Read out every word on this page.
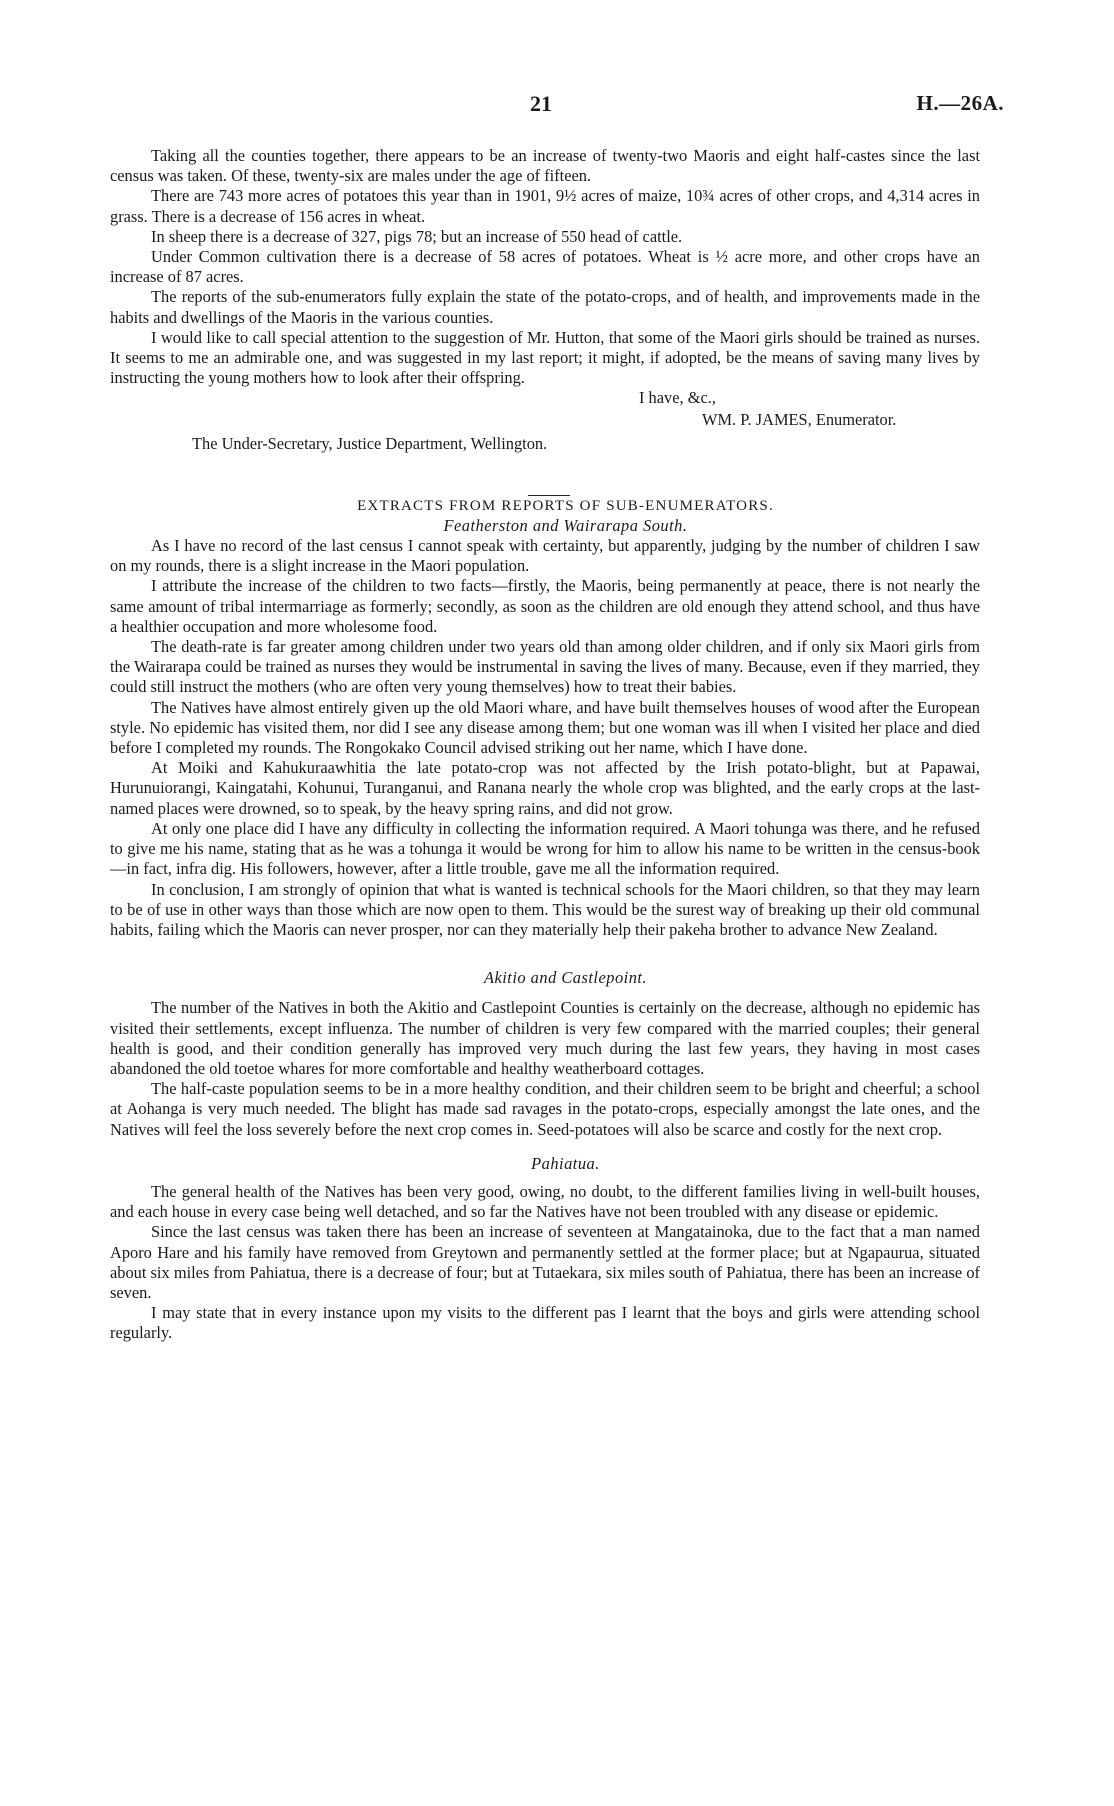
21	H.—26A.

Taking all the counties together, there appears to be an increase of twenty-two Maoris and eight half-castes since the last census was taken. Of these, twenty-six are males under the age of fifteen.

There are 743 more acres of potatoes this year than in 1901, 9½ acres of maize, 10¾ acres of other crops, and 4,314 acres in grass. There is a decrease of 156 acres in wheat.

In sheep there is a decrease of 327, pigs 78; but an increase of 550 head of cattle.

Under Common cultivation there is a decrease of 58 acres of potatoes. Wheat is ½ acre more, and other crops have an increase of 87 acres.

The reports of the sub-enumerators fully explain the state of the potato-crops, and of health, and improvements made in the habits and dwellings of the Maoris in the various counties.

I would like to call special attention to the suggestion of Mr. Hutton, that some of the Maori girls should be trained as nurses. It seems to me an admirable one, and was suggested in my last report; it might, if adopted, be the means of saving many lives by instructing the young mothers how to look after their offspring.

I have, &c.,
WM. P. JAMES, Enumerator.

The Under-Secretary, Justice Department, Wellington.

EXTRACTS FROM REPORTS OF SUB-ENUMERATORS.

Featherston and Wairarapa South.

As I have no record of the last census I cannot speak with certainty, but apparently, judging by the number of children I saw on my rounds, there is a slight increase in the Maori population.

I attribute the increase of the children to two facts—firstly, the Maoris, being permanently at peace, there is not nearly the same amount of tribal intermarriage as formerly; secondly, as soon as the children are old enough they attend school, and thus have a healthier occupation and more wholesome food.

The death-rate is far greater among children under two years old than among older children, and if only six Maori girls from the Wairarapa could be trained as nurses they would be instrumental in saving the lives of many. Because, even if they married, they could still instruct the mothers (who are often very young themselves) how to treat their babies.

The Natives have almost entirely given up the old Maori whare, and have built themselves houses of wood after the European style. No epidemic has visited them, nor did I see any disease among them; but one woman was ill when I visited her place and died before I completed my rounds. The Rongokako Council advised striking out her name, which I have done.

At Moiki and Kahukuraawhitia the late potato-crop was not affected by the Irish potato-blight, but at Papawai, Hurunuiorangi, Kaingatahi, Kohunui, Turanganui, and Ranana nearly the whole crop was blighted, and the early crops at the last-named places were drowned, so to speak, by the heavy spring rains, and did not grow.

At only one place did I have any difficulty in collecting the information required. A Maori tohunga was there, and he refused to give me his name, stating that as he was a tohunga it would be wrong for him to allow his name to be written in the census-book—in fact, infra dig. His followers, however, after a little trouble, gave me all the information required.

In conclusion, I am strongly of opinion that what is wanted is technical schools for the Maori children, so that they may learn to be of use in other ways than those which are now open to them. This would be the surest way of breaking up their old communal habits, failing which the Maoris can never prosper, nor can they materially help their pakeha brother to advance New Zealand.

Akitio and Castlepoint.

The number of the Natives in both the Akitio and Castlepoint Counties is certainly on the decrease, although no epidemic has visited their settlements, except influenza. The number of children is very few compared with the married couples; their general health is good, and their condition generally has improved very much during the last few years, they having in most cases abandoned the old toetoe whares for more comfortable and healthy weatherboard cottages.

The half-caste population seems to be in a more healthy condition, and their children seem to be bright and cheerful; a school at Aohanga is very much needed. The blight has made sad ravages in the potato-crops, especially amongst the late ones, and the Natives will feel the loss severely before the next crop comes in. Seed-potatoes will also be scarce and costly for the next crop.

Pahiatua.

The general health of the Natives has been very good, owing, no doubt, to the different families living in well-built houses, and each house in every case being well detached, and so far the Natives have not been troubled with any disease or epidemic.

Since the last census was taken there has been an increase of seventeen at Mangatainoka, due to the fact that a man named Aporo Hare and his family have removed from Greytown and permanently settled at the former place; but at Ngapaurua, situated about six miles from Pahiatua, there is a decrease of four; but at Tutaekara, six miles south of Pahiatua, there has been an increase of seven.

I may state that in every instance upon my visits to the different pas I learnt that the boys and girls were attending school regularly.
